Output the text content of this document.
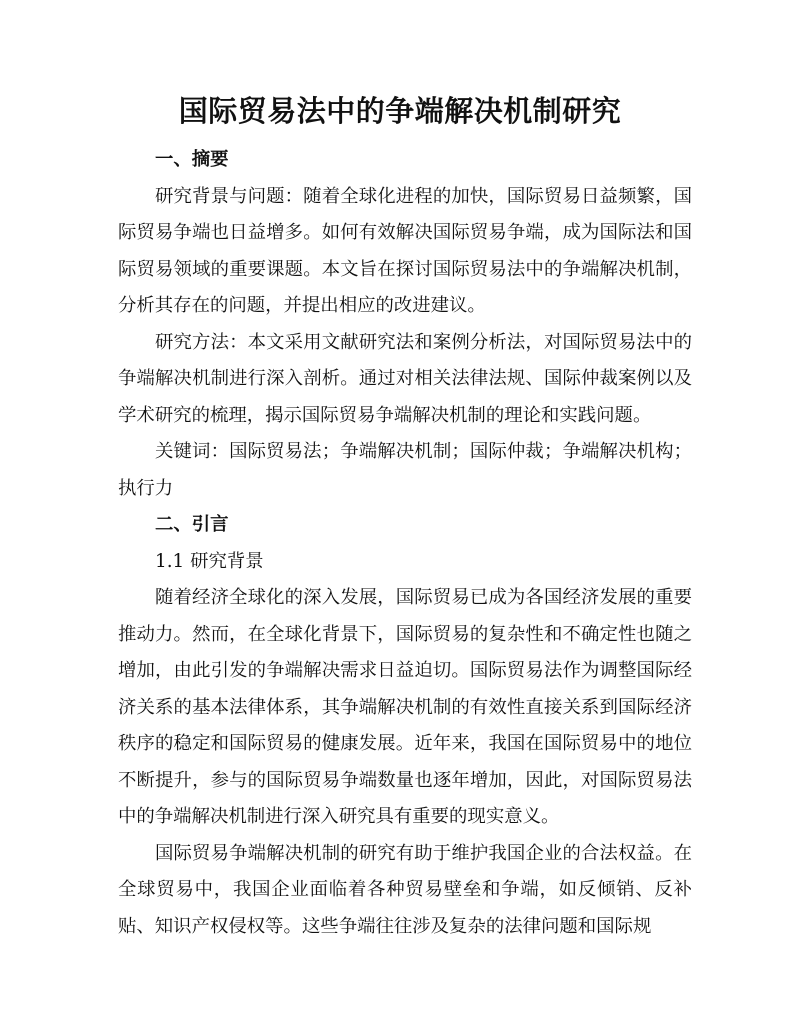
国际贸易法中的争端解决机制研究

一、摘要

研究背景与问题：随着全球化进程的加快，国际贸易日益频繁，国际贸易争端也日益增多。如何有效解决国际贸易争端，成为国际法和国际贸易领域的重要课题。本文旨在探讨国际贸易法中的争端解决机制，分析其存在的问题，并提出相应的改进建议。

研究方法：本文采用文献研究法和案例分析法，对国际贸易法中的争端解决机制进行深入剖析。通过对相关法律法规、国际仲裁案例以及学术研究的梳理，揭示国际贸易争端解决机制的理论和实践问题。

关键词：国际贸易法；争端解决机制；国际仲裁；争端解决机构；执行力

二、引言

1.1 研究背景

随着经济全球化的深入发展，国际贸易已成为各国经济发展的重要推动力。然而，在全球化背景下，国际贸易的复杂性和不确定性也随之增加，由此引发的争端解决需求日益迫切。国际贸易法作为调整国际经济关系的基本法律体系，其争端解决机制的有效性直接关系到国际经济秩序的稳定和国际贸易的健康发展。近年来，我国在国际贸易中的地位不断提升，参与的国际贸易争端数量也逐年增加，因此，对国际贸易法中的争端解决机制进行深入研究具有重要的现实意义。

国际贸易争端解决机制的研究有助于维护我国企业的合法权益。在全球贸易中，我国企业面临着各种贸易壁垒和争端，如反倾销、反补贴、知识产权侵权等。这些争端往往涉及复杂的法律问题和国际规
